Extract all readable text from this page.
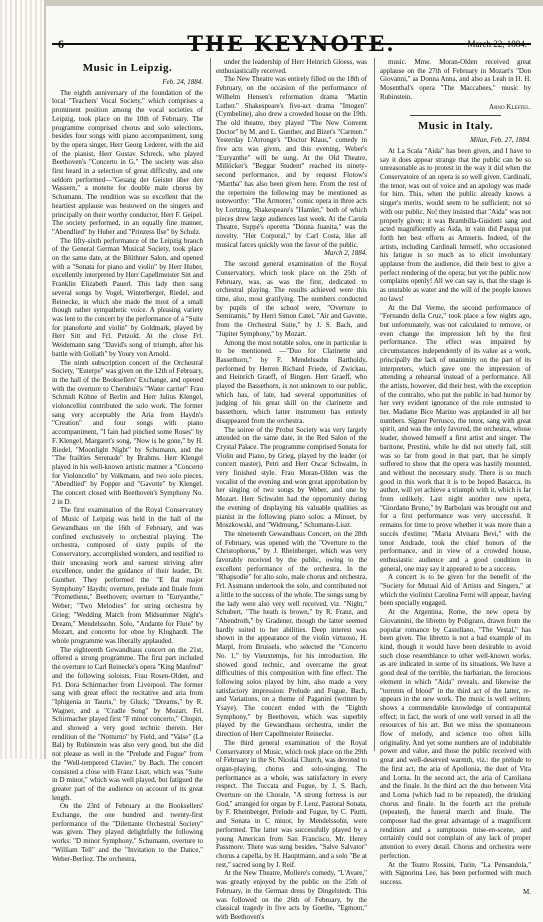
6	THE KEYNOTE.	March 22, 1884.
Music in Leipzig.
Feb. 24, 1884.

The eighth anniversary of the foundation of the local "Teachers' Vocal Society," which comprises a prominent position among the vocal societies of Leipzig, took place on the 10th of February. The programme comprised chorus and solo selections, besides four songs with piano accompaniment, sung by the opera singer, Herr Georg Lederer, with the aid of the pianist, Herr Gustav Schreck, who played Beethoven's "Concerto in G." The society was also first heard in a selection of great difficulty, and one seldom performed—"Gesang der Geister über den Wassern," a motette for double male chorus by Schumann. The rendition was so excellent that the heartiest applause was bestowed on the singers and principally on their worthy conductor, Herr F. Geipel. The society performed, in an equally fine manner, "Abendlied" by Huber and "Prinzess Ilse" by Schulz.

The fifty-sixth performance of the Leipzig branch of the General German Musical Society, took place on the same date, at the Blüthner Salon, and opened with a "Sonata for piano and violin" by Herr Huber, excellently interpreted by Herr Capellmeister Sitt and Franklin Elizabeth Pauerl. This lady then sang several songs by Vogel, Winterberger, Riedel, and Reinecke, in which she made the most of a small though rather sympathetic voice. A pleasing variety was lent to the concert by the performance of a "Suite for pianoforte and violin" by Goldmark, played by Herr Sitt and Frl. Petzold. At the close Frl. Weidemann sang "David's song of triumph, after his battle with Goliath" by Youry von Arnold.

The ninth subscription concert of the Orchestral Society, "Euterpe" was given on the 12th of February, in the hall of the Booksellers' Exchange, and opened with the overture to Cherubini's "Water carrier" Frau Schmidt Köhne of Berlin and Herr Julius Klengel, violoncellist contributed the solo work. The former sang very acceptably the Aria from Haydn's "Creation" and four songs with piano accompaniment, "I fain had pinched some Roses" by F. Klengel, Margaret's song, "Now is he gone," by H. Riedel, "Moonlight Night" by Schumann, and the "The frailties Serenade" by Brahms. Herr Klengel played in his well-known artistic manner a "Concerto for Violoncello" by Volkmann, and two solo pieces, "Abendlied" by Popper and "Gavotte" by Klengel. The concert closed with Beethoven's Symphony No. 2 in D.

The first examination of the Royal Conservatory of Music of Leipzig was held in the hall of the Gewandhaus on the 16th of February, and was confined exclusively to orchestral playing. The orchestra, composed of sixty pupils of the Conservatory, accomplished wonders, and testified to their unceasing work and earnest striving after excellence, under the guidance of their leader, Dr. Gunther. They performed the "E flat major Symphony" Haydn; overture, prelude and finale from "Prometheus," Beethoven; overture to "Euryanthe," Weber; "Two Melodies" for string orchestra by Grieg; "Wedding March from Midsummer Night's Dream," Mendelssohn. Solo, "Andante for Flute" by Mozart, and concerto for oboe by Klughardt. The whole programme was liberally applauded.

The eighteenth Gewandhaus concert on the 21st, offered a strong programme. The first part included the overture to Carl Reinecke's opera "King Manfred" and the following soloists, Frau Rosen-Olden, and Frl. Dora Schirmacher from Liverpool. The former sang with great effect the recitative and aria from "Iphigenia in Tauris," by Gluck; "Dreams," by R. Wagner, and a "Cradle Song" by Mozart. Frl. Schirmacher played first "F minor concerto," Chopin, and showed a very good technic therein. Her rendition of the "Notturno" by Field, and "Valse" (La Bal) by Rubinstein was also very good, but she did not please as well in the "Prelude and Fugue" from the "Well-tempered Clavier," by Bach. The concert consisted a close with Franz Liszt, which was "Suite in D minor," which was well played, but fatigued the greater part of the audience on account of its great length.

On the 23rd of February at the Booksellers' Exchange, the one hundred and twenty-first performance of the "Dilettante Orchestral Society" was given. They played delightfully the following works: "D minor Symphony," Schumann, overture to "William Tell" and the "Invitation to the Dance," Weber-Berlioz. The orchestra,

under the leadership of Herr Heinrich Gloess, was enthusiastically received.

The New Theatre was entirely filled on the 18th of February, on the occasion of the performance of Wilhelm Hensen's reformation drama "Martin Luther." Shakespeare's five-act drama "Imogen" (Cymbeline), also drew a crowded house on the 19th. The old theatre, they played "The New Convent Doctor" by M. and L. Gunther, and Bizet's "Carmen." Yesterday L'Arronge's "Doctor Klaus," comedy in five acts was given, and this evening, Weber's "Euryanthe" will be sung. At the Old Theatre, Millöcker's "Beggar Student" reached its ninety-second performance, and by request Flotow's "Martha" has also been given here. From the rest of the repertoire the following may be mentioned as noteworthy: "The Armorer," comic opera in three acts by Lortzing, Shakespeare's "Hamlet," both of which pieces drew large audiences last week. At the Carola Theatre, Suppé's operetta "Donna Juanita," was the novelty. "Her Corporal," by Carl Costa, like all musical farces quickly won the favor of the public.

March 2, 1884.

The second general examination of the Royal Conservatory, which took place on the 25th of February, was, as was the first, dedicated to orchestral playing. The results achieved were this time, also, most gratifying. The numbers conducted by pupils of the school were, "Overture to Semiramis," by Herri Simon Catel, "Air and Gavotte, from the Orchestral Suite," by J. S. Bach, and "Jupiter Symphony," by Mozart.

Among the most notable solos, one in particular is to be mentioned. —"Duo for Clarinette and Bassethorn," by F. Mendelssohn Bartholdy, performed by Herren Richard Friede, of Zwickau, and Heinrich Graeff, of Bingen. Herr Graeff, who played the Bassethorn, is not unknown to our public, which has, of late, had several opportunities of judging of his great skill on the clarinette and bassethorn, which latter instrument has entirely disappeared from the orchestra.

The soiree of the Probst Society was very largely attended on the same date, in the Red Salon of the Crystal Palace. The programme comprised Sonata for Violin and Piano, by Grieg, played by the leader (or concert master), Petri and Herr Oscar Schwalm, in very finished style. Frau Moran-Olden was the vocalist of the evening and won great approbation by her singing of two songs by Weber, and one by Mozart. Herr Schwalm had the opportunity during the evening of displaying his valuable qualities as pianist in the following piano solos: a Minuet, by Moszkowski, and "Widmung," Schumann-Liszt.

The nineteenth Gewandhaus Concert, on the 28th of February, was opened with the "Overture to the Christophorus," by J. Rheinberger, which was very favorably received by the public, owing to the excellent performance of the orchestra. In the "Rhapsodie" for alto solo, male chorus and orchestra, Frl. Assmann undertook the solo, and contributed not a little to the success of the whole. The songs sung by the lady were also very well received, viz. "Night," Schubert, "The heath is brown," by R. Franz, and "Abendroth," by Gradener, though the latter seemed hardly suited to her abilities. Deep interest was shown in the appearance of the violin virtuoso, H. Marpl, from Brussels, who selected the "Concerto No. 1," by Vieuxtemps, for his introduction. He showed good technic, and overcame the great difficulties of this composition with fine effect. The following solos played by him, also made a very satisfactory impression: Prelude and Fugue, Bach, and Variations, on a theme of Paganini (written by Ysaye). The concert ended with the "Eighth Symphony," by Beethoven, which was superbly played by the Gewandhaus orchestra, under the direction of Herr Capellmeister Reinecke.

The third general examination of the Royal Conservatory of Music, which took place on the 29th of February in the St. Nicolai Church, was devoted to organ-playing, chorus and solo-singing. The performance as a whole, was satisfactory in every respect. The Toccata and Fugue, by J. S. Bach, Overture on the Chorale, "A strong fortress is our God," arranged for organ by F. Lenz, Pastoral Sonata, by F. Rheinberger, Prelude and Fugue, by C. Piutti, and Sonata in C minor, by Mendelssohn, were performed. The latter was successfully played by a young American from San Francisco, Mr. Henry Passmore. There was sung besides, "Salve Salvator" chorus a capella, by H. Hauptmann, and a solo "Be at rest," sacred song by J. Reif.

At the New Theatre, Mollere's comedy, "L'Avare," was greatly enjoyed by the public on the 25th of February, in the German dress by Dingelstedt. This was followed on the 26th of February, by the classical tragedy in five acts by Goethe, "Egmont," with Beethoven's

music. Mme. Moran-Olden received great applause on the 27th of February in Mozart's "Don Giovanni," as Donna Anna, and also as Leah in H. H. Mosenthal's opera "The Maccabees," music by Rubinstein.

Arno Kleffel.
Music in Italy.
Milan, Feb. 27, 1884.

At La Scala "Aida" has been given, and I have to say it does appear strange that the public can be so unreasonable as to protest in the way it did when the Conservatoire of an opera is so well given. Cardinali, the tenor, was out of voice and an apology was made for him. This, when the public already knows a singer's merits, would seem to be sufficient; not so with our public. No! they insisted that "Aida" was not properly given; it was Brambilla-Guidotti sang and acted magnificently as Aida, in vain did Pasqua put forth her best efforts as Amneris. Indeed, of the artists, including Cardinali himself, who occasioned his fatigue is so much as to elicit involuntary applause from the audience, did their best to give a perfect rendering of the opera; but yet the public now complains openly! All we can say is, that the stage is as unstable as water and the will of the people knows no laws!

At the Dal Verme, the second performance of "Fernando della Cruz," took place a few nights ago, but unfortunately, was not calculated to remove, or even change the impression left by the first performance. The effect was impaired by circumstances independently of its value as a work, principally the lack of unanimity on the part of its interpreters, which gave one the impression of attending a rehearsal instead of a performance. All the artists, however, did their best, with the exception of the contralto, who put the public in bad humor by her very evident ignorance of the role entrusted to her. Madame Bice Marino was applauded in all her numbers. Signor Perrusco, the tenor, sang with great spirit, and was the only favored, the orchestra, whose leader, showed himself a first artist and singer. The baritone, Prestini, while he did not utterly fail, still was so far from good in that part, that he simply suffered to show that the opera was hastily mounted, and without the necessary study. There is so much good in this work that it is to be hoped Basacca, its author, will yet achieve a triumph with it, which is far from unlikely. Last night another new opera, "Giordano Bruno," by Barbolani was brought out and for a first performance was very successful. It remains for time to prove whether it was more than a succès d'estime; "Maria Alvisara Bevi," with the tenor Andrade, took the chief honors of the performance, and in view of a crowded house, enthusiastic audience and a good condition in general, one may say it appeared to be a success.

A concert is to be given for the benefit of the "Society for Mutual Aid of Artists and Singers," at which the violinist Carolina Ferni will appear, having been specially engaged.

At the Argentina, Rome, the new opera by Giovannini, the libretto by Poligrato, drawn from the popular romance by Castellano, "The Vestal," has been given. The libretto is not a bad example of its kind, though it would have been desirable to avoid such close resemblance to other well-known works, as are indicated in some of its situations. We have a good deal of the terrible, the barbarian, the ferocious element in which "Aida" reveals, and likewise the "torrents of blood" in the third act of the latter, re-appears in the new work. The music is well written; shows a commendable knowledge of contrapuntal effect; in fact, the work of one well versed in all the resources of his art. But we miss the spontaneous flow of melody, and science too often kills originality. And yet some numbers are of indubitable power and value, and those the public received with great and well-deserved warmth, viz.: the prelude to the first act, the aria of Apollonia, the duet of Vita and Lorna. In the second act, the aria of Caroliana and the finale. In the third act the duo between Vita and Lorna (which had to be repeated), the drinking chorus and finale. In the fourth act the prelude (repeated), the funeral march and finale. The composer had the great advantage of a magnificent rendition and a sumptuous mise-en-scene, and certainly could not complain of any lack of proper attention to every detail. Chorus and orchestra were perfection.

At the Teatro Rossini, Turin, "La Pensandola," with Signorina Lee, has been performed with much success.

M.
